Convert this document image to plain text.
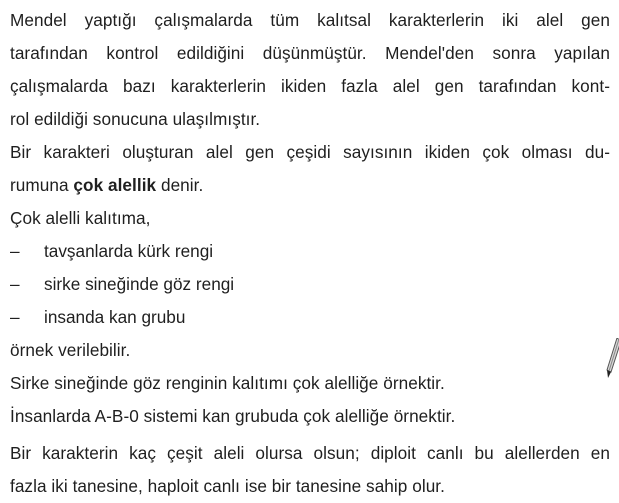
Mendel yaptığı çalışmalarda tüm kalıtsal karakterlerin iki alel gen
tarafından kontrol edildiğini düşünmüştür. Mendel'den sonra yapılan
çalışmalarda bazı karakterlerin ikiden fazla alel gen tarafından kont-
rol edildiği sonucuna ulaşılmıştır.
Bir karakteri oluşturan alel gen çeşidi sayısının ikiden çok olması du-
rumuna çok alellik denir.
Çok alelli kalıtıma,
–	tavşanlarda kürk rengi
–	sirke sineğinde göz rengi
–	insanda kan grubu
örnek verilebilir.
Sirke sineğinde göz renginin kalıtımı çok alelliğe örnektir.
İnsanlarda A-B-0 sistemi kan grubuda çok alelliğe örnektir.
Bir karakterin kaç çeşit aleli olursa olsun; diploit canlı bu alellerden en
fazla iki tanesine, haploit canlı ise bir tanesine sahip olur.
